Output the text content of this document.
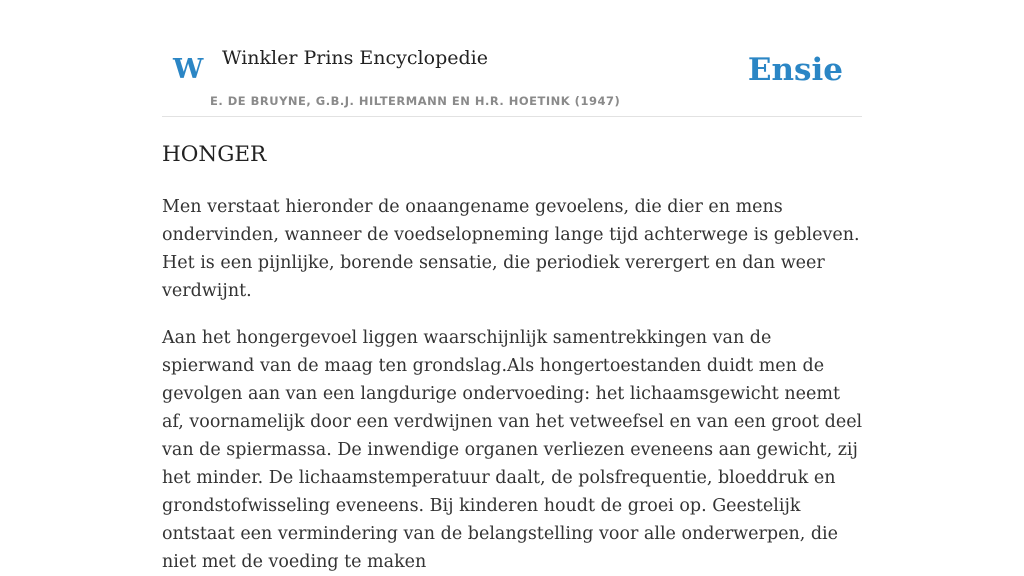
W Winkler Prins Encyclopedie
E. DE BRUYNE, G.B.J. HILTERMANN EN H.R. HOETINK (1947)
Ensie
HONGER

Men verstaat hieronder de onaangename gevoelens, die dier en mens ondervinden, wanneer de voedselopneming lange tijd achterwege is gebleven. Het is een pijnlijke, borende sensatie, die periodiek verergert en dan weer verdwijnt.

Aan het hongergevoel liggen waarschijnlijk samentrekkingen van de spierwand van de maag ten grondslag.Als hongertoestanden duidt men de gevolgen aan van een langdurige ondervoeding: het lichaamsgewicht neemt af, voornamelijk door een verdwijnen van het vetweefsel en van een groot deel van de spiermassa. De inwendige organen verliezen eveneens aan gewicht, zij het minder. De lichaamstemperatuur daalt, de polsfrequentie, bloeddruk en grondstofwisseling eveneens. Bij kinderen houdt de groei op. Geestelijk ontstaat een vermindering van de belangstelling voor alle onderwerpen, die niet met de voeding te maken
